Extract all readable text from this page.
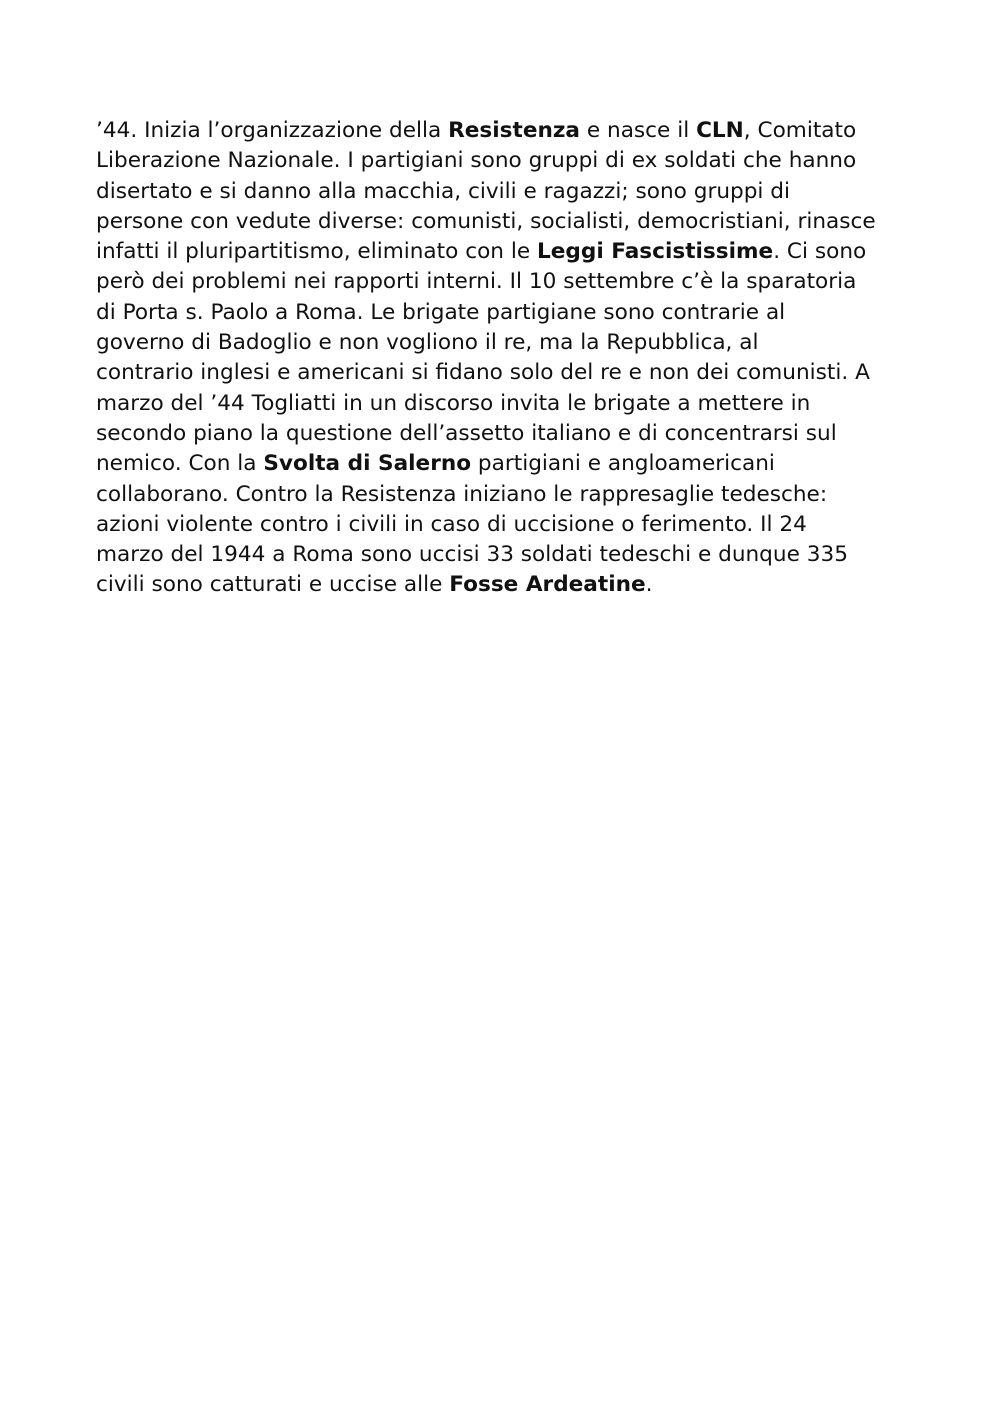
’44. Inizia l’organizzazione della Resistenza e nasce il CLN, Comitato
Liberazione Nazionale. I partigiani sono gruppi di ex soldati che hanno
disertato e si danno alla macchia, civili e ragazzi; sono gruppi di
persone con vedute diverse: comunisti, socialisti, democristiani, rinasce
infatti il pluripartitismo, eliminato con le Leggi Fascistissime. Ci sono
però dei problemi nei rapporti interni. Il 10 settembre c’è la sparatoria
di Porta s. Paolo a Roma. Le brigate partigiane sono contrarie al
governo di Badoglio e non vogliono il re, ma la Repubblica, al
contrario inglesi e americani si fidano solo del re e non dei comunisti. A
marzo del ’44 Togliatti in un discorso invita le brigate a mettere in
secondo piano la questione dell’assetto italiano e di concentrarsi sul
nemico. Con la Svolta di Salerno partigiani e angloamericani
collaborano. Contro la Resistenza iniziano le rappresaglie tedesche:
azioni violente contro i civili in caso di uccisione o ferimento. Il 24
marzo del 1944 a Roma sono uccisi 33 soldati tedeschi e dunque 335
civili sono catturati e uccise alle Fosse Ardeatine.
